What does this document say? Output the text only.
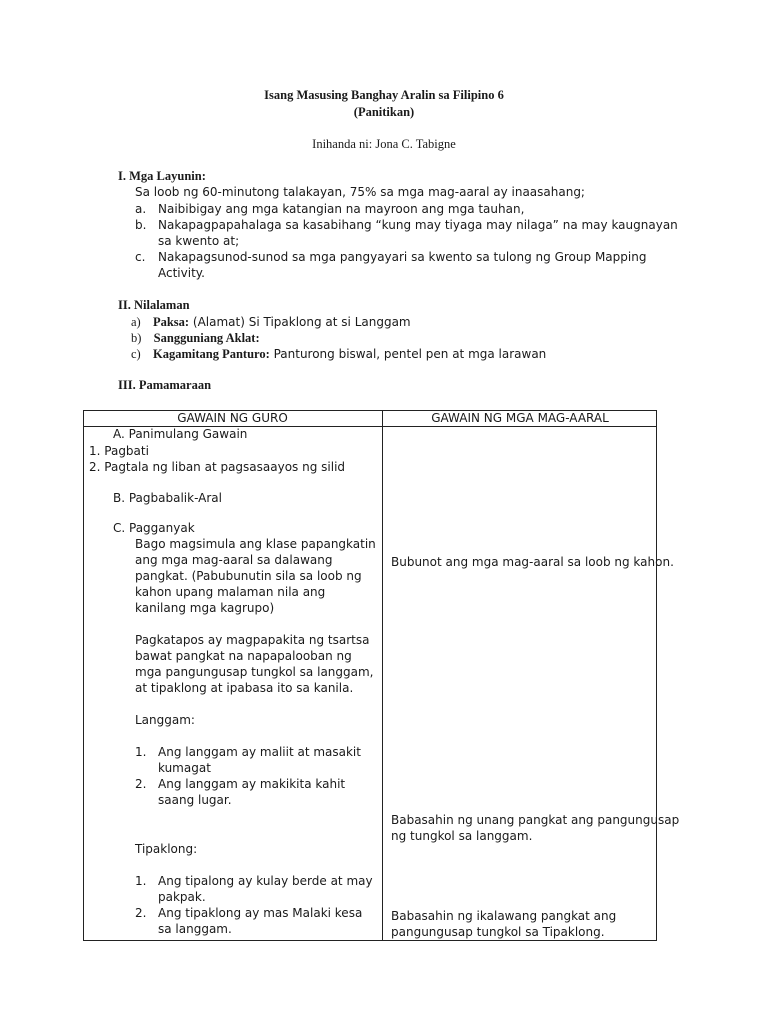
Isang Masusing Banghay Aralin sa Filipino 6
(Panitikan)
Inihanda ni: Jona C. Tabigne
I. Mga Layunin:
Sa loob ng 60-minutong talakayan, 75% sa mga mag-aaral ay inaasahang;
a. Naibibigay ang mga katangian na mayroon ang mga tauhan,
b. Nakapagpapahalaga sa kasabihang “kung may tiyaga may nilaga” na may kaugnayan
sa kwento at;
c. Nakapagsunod-sunod sa mga pangyayari sa kwento sa tulong ng Group Mapping
Activity.
II. Nilalaman
a) Paksa: (Alamat) Si Tipaklong at si Langgam
b) Sangguniang Aklat:
c) Kagamitang Panturo: Panturong biswal, pentel pen at mga larawan
III. Pamamaraan
GAWAIN NG GURO	GAWAIN NG MGA MAG-AARAL
A. Panimulang Gawain
1. Pagbati
2. Pagtala ng liban at pagsasaayos ng silid
B. Pagbabalik-Aral
C. Pagganyak
Bago magsimula ang klase papangkatin
ang mga mag-aaral sa dalawang
pangkat. (Pabubunutin sila sa loob ng
kahon upang malaman nila ang
kanilang mga kagrupo)
Pagkatapos ay magpapakita ng tsartsa
bawat pangkat na napapalooban ng
mga pangungusap tungkol sa langgam,
at tipaklong at ipabasa ito sa kanila.
Langgam:
1. Ang langgam ay maliit at masakit
kumagat
2. Ang langgam ay makikita kahit
saang lugar.
Tipaklong:
1. Ang tipalong ay kulay berde at may
pakpak.
2. Ang tipaklong ay mas Malaki kesa
sa langgam.
Bubunot ang mga mag-aaral sa loob ng kahon.
Babasahin ng unang pangkat ang pangungusap
ng tungkol sa langgam.
Babasahin ng ikalawang pangkat ang
pangungusap tungkol sa Tipaklong.
